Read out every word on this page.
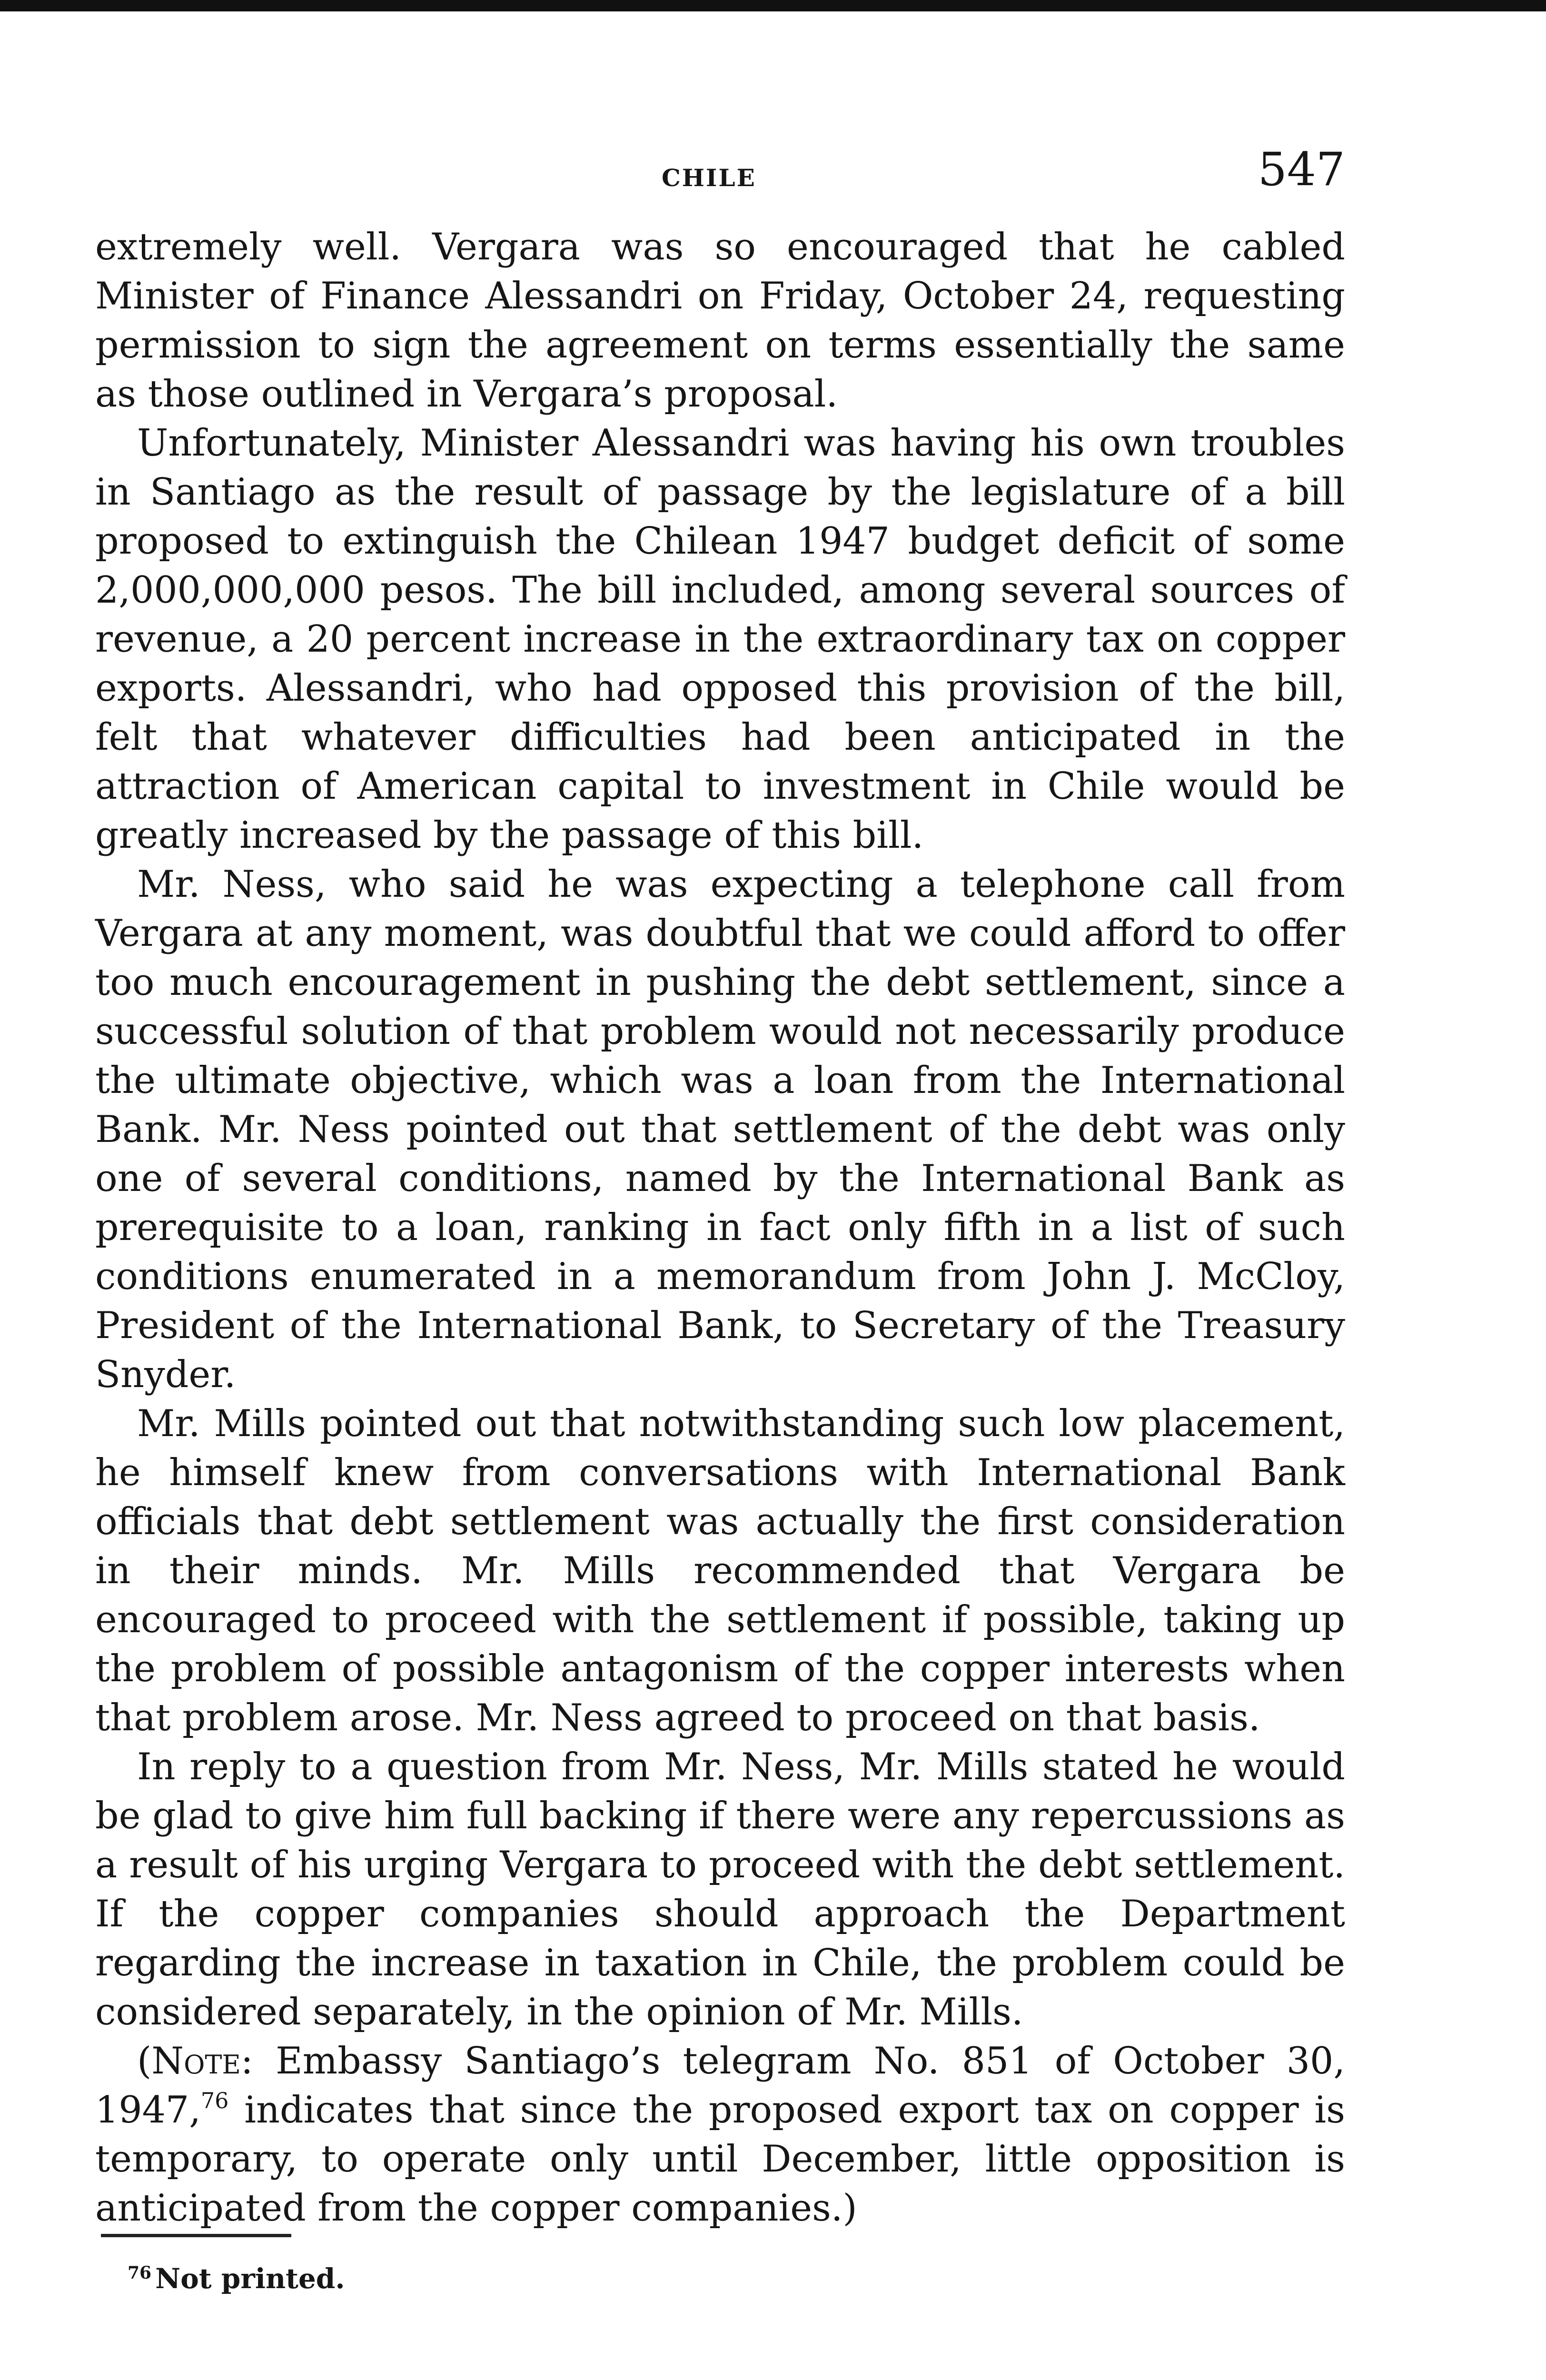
CHILE	547

extremely well. Vergara was so encouraged that he cabled Minister of Finance Alessandri on Friday, October 24, requesting permission to sign the agreement on terms essentially the same as those outlined in Vergara’s proposal.

Unfortunately, Minister Alessandri was having his own troubles in Santiago as the result of passage by the legislature of a bill proposed to extinguish the Chilean 1947 budget deficit of some 2,000,000,000 pesos. The bill included, among several sources of revenue, a 20 percent increase in the extraordinary tax on copper exports. Alessandri, who had opposed this provision of the bill, felt that whatever difficulties had been anticipated in the attraction of American capital to investment in Chile would be greatly increased by the passage of this bill.

Mr. Ness, who said he was expecting a telephone call from Vergara at any moment, was doubtful that we could afford to offer too much encouragement in pushing the debt settlement, since a successful solution of that problem would not necessarily produce the ultimate objective, which was a loan from the International Bank. Mr. Ness pointed out that settlement of the debt was only one of several conditions, named by the International Bank as prerequisite to a loan, ranking in fact only fifth in a list of such conditions enumerated in a memorandum from John J. McCloy, President of the International Bank, to Secretary of the Treasury Snyder.

Mr. Mills pointed out that notwithstanding such low placement, he himself knew from conversations with International Bank officials that debt settlement was actually the first consideration in their minds. Mr. Mills recommended that Vergara be encouraged to proceed with the settlement if possible, taking up the problem of possible antagonism of the copper interests when that problem arose. Mr. Ness agreed to proceed on that basis.

In reply to a question from Mr. Ness, Mr. Mills stated he would be glad to give him full backing if there were any repercussions as a result of his urging Vergara to proceed with the debt settlement. If the copper companies should approach the Department regarding the increase in taxation in Chile, the problem could be considered separately, in the opinion of Mr. Mills.

(Note: Embassy Santiago’s telegram No. 851 of October 30, 1947,76 indicates that since the proposed export tax on copper is temporary, to operate only until December, little opposition is anticipated from the copper companies.)

$^{76}$ Not printed.
